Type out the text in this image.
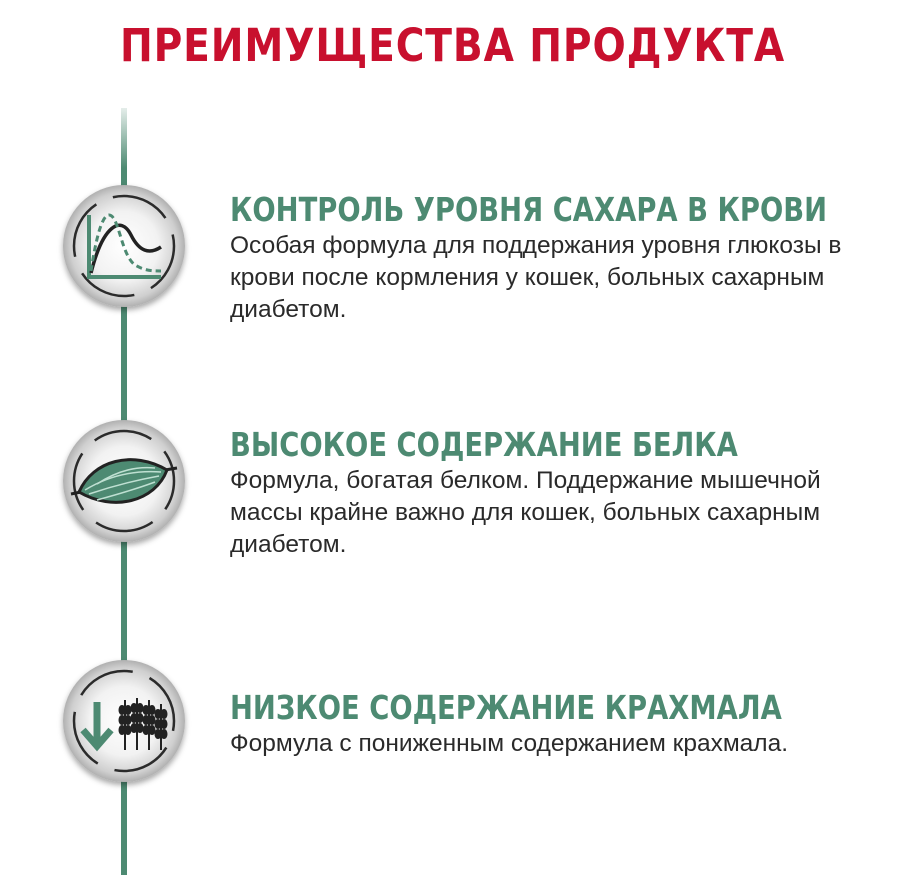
ПРЕИМУЩЕСТВА ПРОДУКТА
КОНТРОЛЬ УРОВНЯ САХАРА В КРОВИ
Особая формула для поддержания уровня глюкозы в крови после кормления у кошек, больных сахарным диабетом.
ВЫСОКОЕ СОДЕРЖАНИЕ БЕЛКА
Формула, богатая белком. Поддержание мышечной массы крайне важно для кошек, больных сахарным диабетом.
НИЗКОЕ СОДЕРЖАНИЕ КРАХМАЛА
Формула с пониженным содержанием крахмала.
